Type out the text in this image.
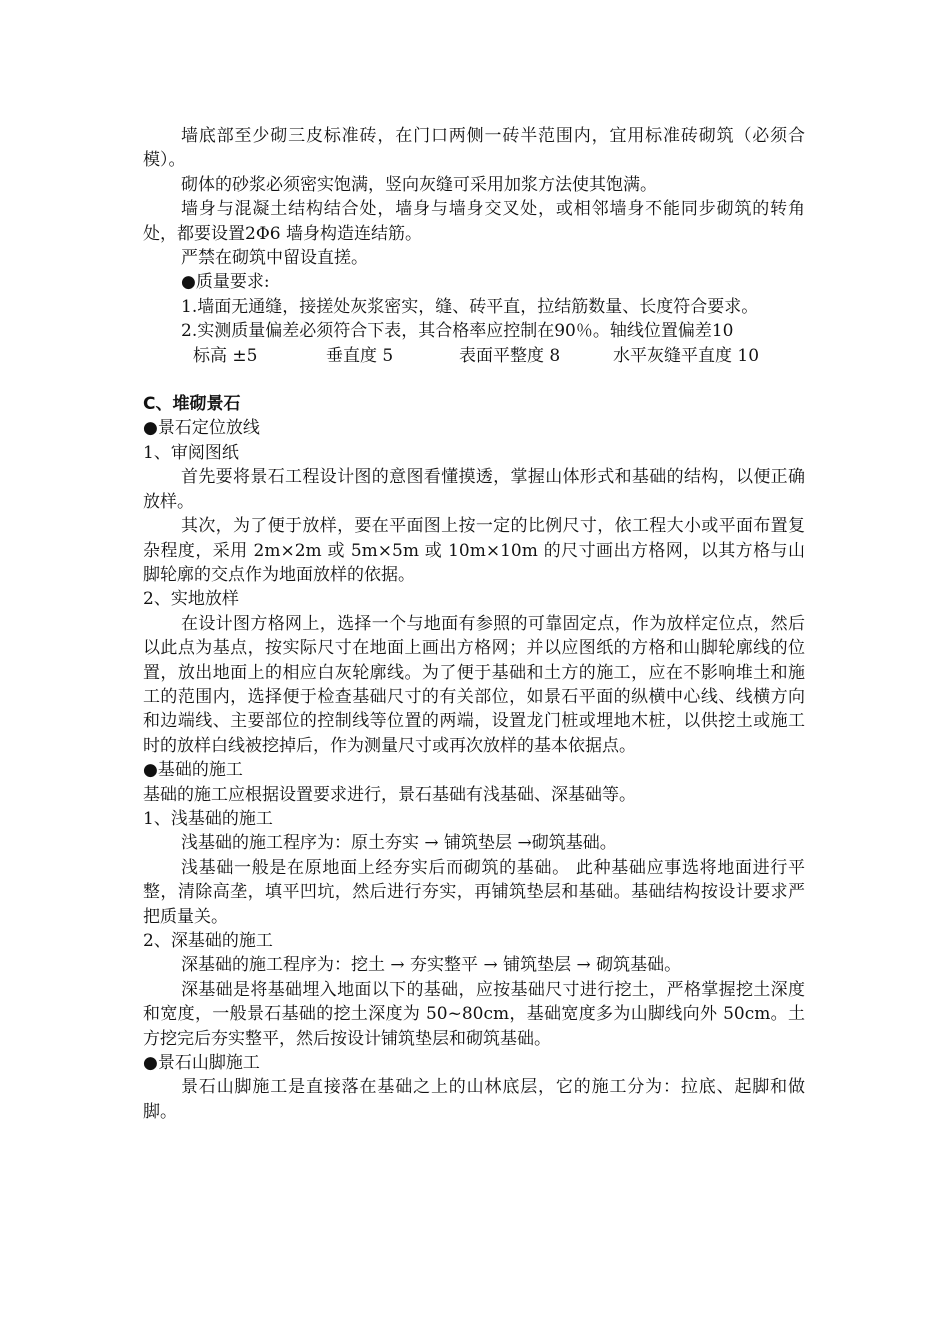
墙底部至少砌三皮标准砖，在门口两侧一砖半范围内，宜用标准砖砌筑（必须合模）。

砌体的砂浆必须密实饱满，竖向灰缝可采用加浆方法使其饱满。

墙身与混凝土结构结合处，墙身与墙身交叉处，或相邻墙身不能同步砌筑的转角处，都要设置2Φ6 墙身构造连结筋。

严禁在砌筑中留设直搓。

●质量要求:

1.墙面无通缝，接搓处灰浆密实，缝、砖平直，拉结筋数量、长度符合要求。

2.实测质量偏差必须符合下表，其合格率应控制在90％。轴线位置偏差10

标高 ±5	垂直度 5	表面平整度 8	水平灰缝平直度 10

C、堆砌景石

●景石定位放线

1、审阅图纸

首先要将景石工程设计图的意图看懂摸透，掌握山体形式和基础的结构，以便正确放样。

其次，为了便于放样，要在平面图上按一定的比例尺寸，依工程大小或平面布置复杂程度，采用 2m×2m 或 5m×5m 或 10m×10m 的尺寸画出方格网，以其方格与山脚轮廓的交点作为地面放样的依据。

2、实地放样

在设计图方格网上，选择一个与地面有参照的可靠固定点，作为放样定位点，然后以此点为基点，按实际尺寸在地面上画出方格网；并以应图纸的方格和山脚轮廓线的位置，放出地面上的相应白灰轮廓线。为了便于基础和土方的施工，应在不影响堆土和施工的范围内，选择便于检查基础尺寸的有关部位，如景石平面的纵横中心线、线横方向和边端线、主要部位的控制线等位置的两端，设置龙门桩或埋地木桩，以供挖土或施工时的放样白线被挖掉后，作为测量尺寸或再次放样的基本依据点。

●基础的施工

基础的施工应根据设置要求进行，景石基础有浅基础、深基础等。

1、浅基础的施工

浅基础的施工程序为：原土夯实 → 铺筑垫层 →砌筑基础。

浅基础一般是在原地面上经夯实后而砌筑的基础。 此种基础应事选将地面进行平整，清除高垄，填平凹坑，然后进行夯实，再铺筑垫层和基础。基础结构按设计要求严把质量关。

2、深基础的施工

深基础的施工程序为：挖土 → 夯实整平 → 铺筑垫层 → 砌筑基础。

深基础是将基础埋入地面以下的基础，应按基础尺寸进行挖土，严格掌握挖土深度和宽度，一般景石基础的挖土深度为 50~80cm，基础宽度多为山脚线向外 50cm。土方挖完后夯实整平，然后按设计铺筑垫层和砌筑基础。

●景石山脚施工

景石山脚施工是直接落在基础之上的山林底层，它的施工分为：拉底、起脚和做脚。
